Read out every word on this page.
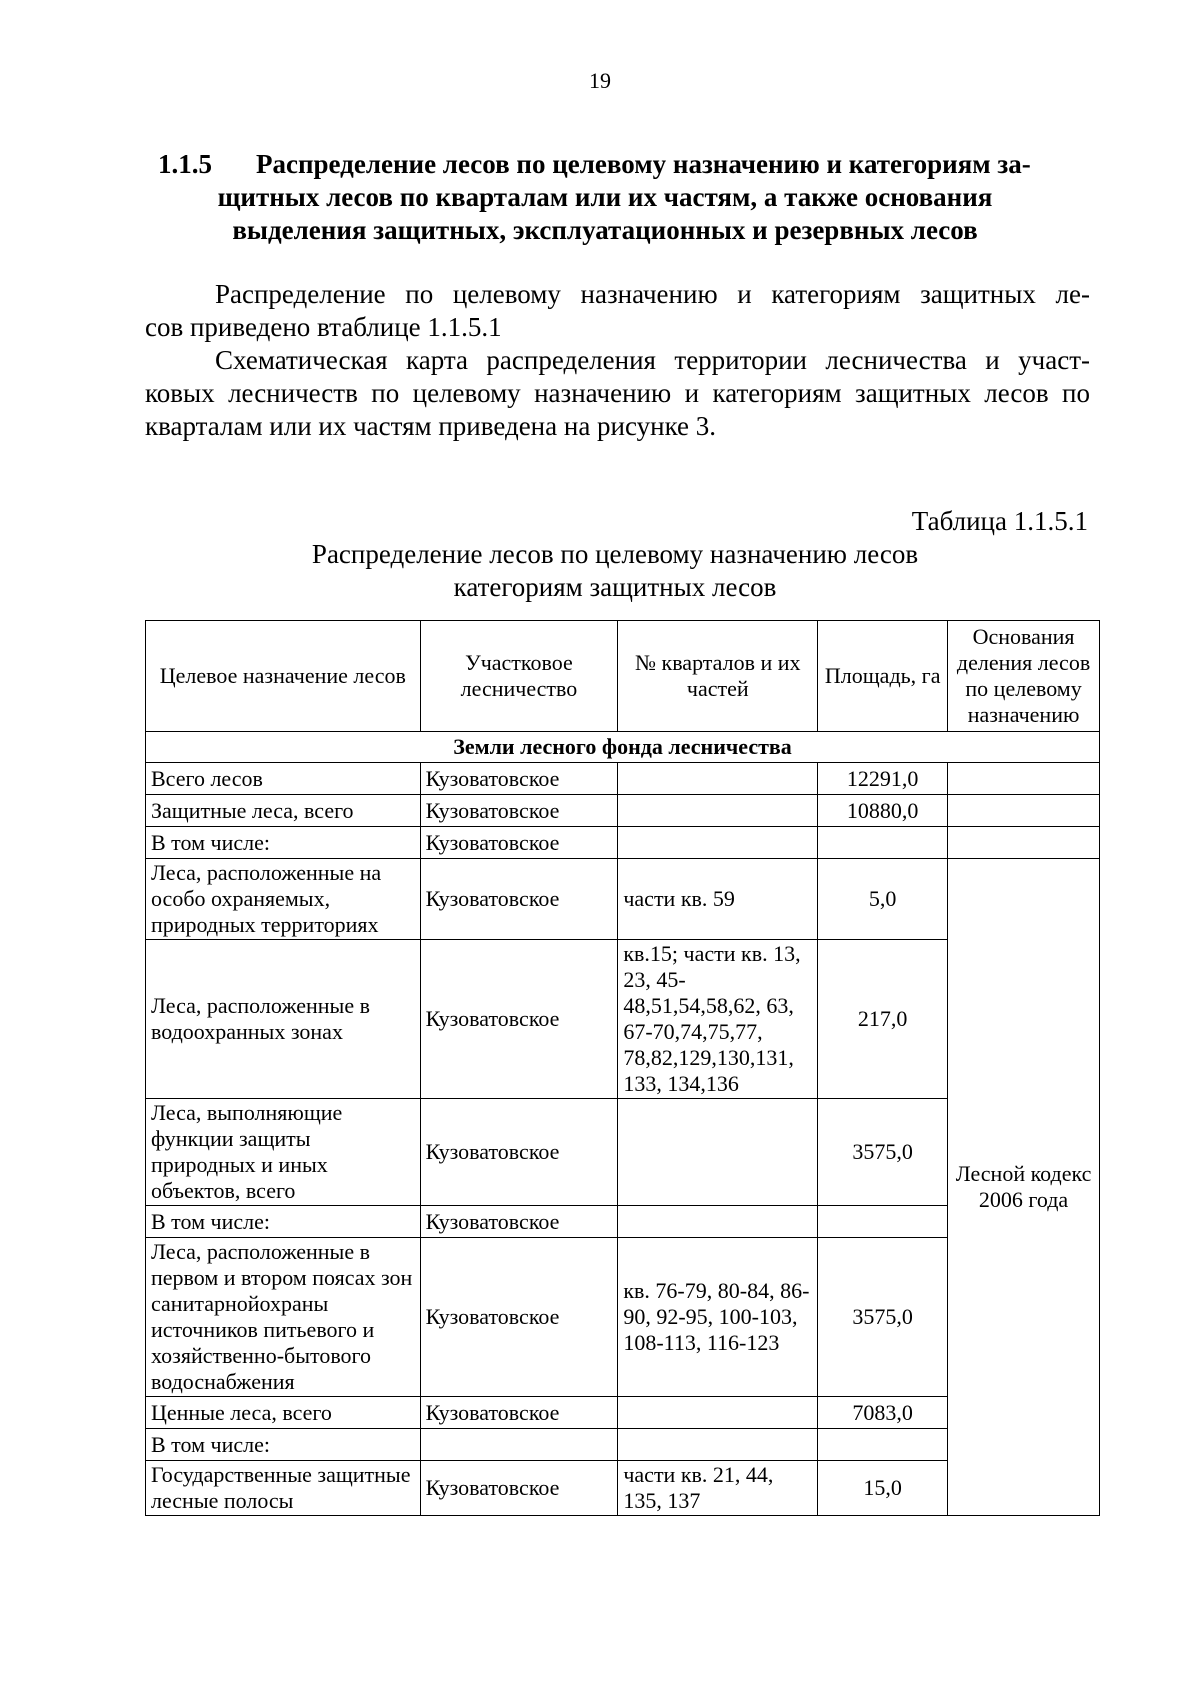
19
1.1.5 Распределение лесов по целевому назначению и категориям за-
щитных лесов по кварталам или их частям, а также основания
выделения защитных, эксплуатационных и резервных лесов
Распределение по целевому назначению и категориям защитных ле-
сов приведено втаблице 1.1.5.1
Схематическая карта распределения территории лесничества и участ-
ковых лесничеств по целевому назначению и категориям защитных лесов по
кварталам или их частям приведена на рисунке 3.
Таблица 1.1.5.1
Распределение лесов по целевому назначению лесов
категориям защитных лесов
Целевое назначение лесов	Участковое лесничество	№ кварталов и их частей	Площадь, га	Основания деления лесов по целевому назначению
Земли лесного фонда лесничества				
Всего лесов	Кузоватовское		12291,0	
Защитные леса, всего	Кузоватовское		10880,0	
В том числе:	Кузоватовское			
Леса, расположенные на особо охраняемых, природных территориях	Кузоватовское	части кв. 59	5,0	Лесной кодекс 2006 года
Леса, расположенные в водоохранных зонах	Кузоватовское	кв.15; части кв. 13, 23, 45-48,51,54,58,62, 63, 67-70,74,75,77, 78,82,129,130,131, 133, 134,136	217,0	
Леса, выполняющие функции защиты природных и иных объектов, всего	Кузоватовское		3575,0	
В том числе:	Кузоватовское			
Леса, расположенные в первом и втором поясах зон санитарнойохраны источников питьевого и хозяйственно-бытового водоснабжения	Кузоватовское	кв. 76-79, 80-84, 86-90, 92-95, 100-103, 108-113, 116-123	3575,0	
Ценные леса, всего	Кузоватовское		7083,0	
В том числе:				
Государственные защитные лесные полосы	Кузоватовское	части кв. 21, 44, 135, 137	15,0	
